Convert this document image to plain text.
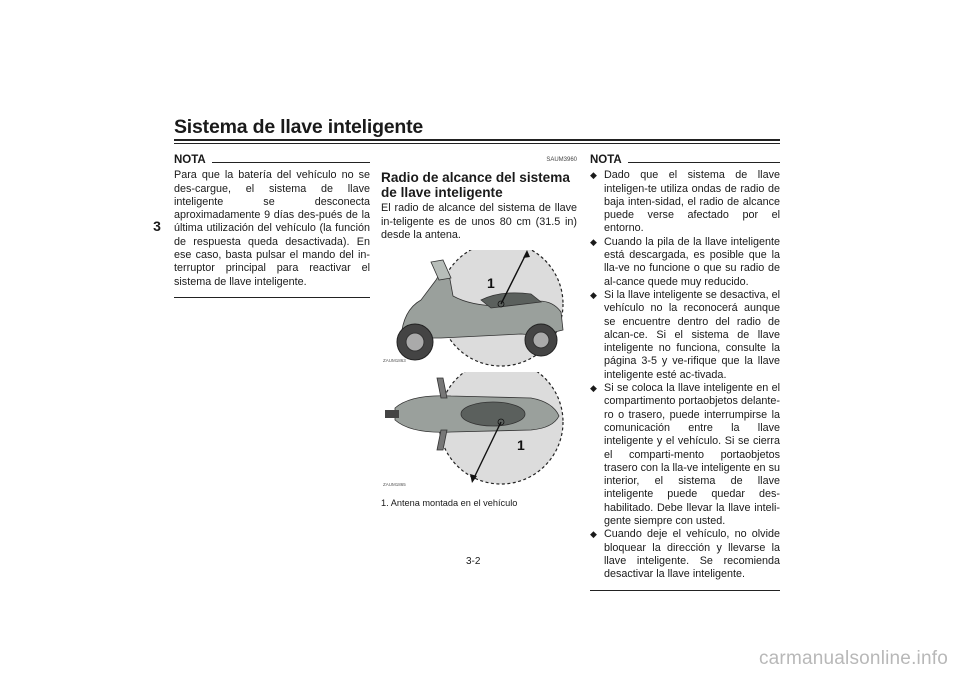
Sistema de llave inteligente
3
NOTA
Para que la batería del vehículo no se des-cargue, el sistema de llave inteligente se desconecta aproximadamente 9 días des-pués de la última utilización del vehículo (la función de respuesta queda desactivada). En ese caso, basta pulsar el mando del in-terruptor principal para reactivar el sistema de llave inteligente.
SAUM3960
Radio de alcance del sistema de llave inteligente
El radio de alcance del sistema de llave in-teligente es de unos 80 cm (31.5 in) desde la antena.
1
ZAUM1863

1
ZAUM1865
1. Antena montada en el vehículo
NOTA
◆ Dado que el sistema de llave inteligen-te utiliza ondas de radio de baja inten-sidad, el radio de alcance puede verse afectado por el entorno.
◆ Cuando la pila de la llave inteligente está descargada, es posible que la lla-ve no funcione o que su radio de al-cance quede muy reducido.
◆ Si la llave inteligente se desactiva, el vehículo no la reconocerá aunque se encuentre dentro del radio de alcan-ce. Si el sistema de llave inteligente no funciona, consulte la página 3-5 y ve-rifique que la llave inteligente esté ac-tivada.
◆ Si se coloca la llave inteligente en el compartimento portaobjetos delante-ro o trasero, puede interrumpirse la comunicación entre la llave inteligente y el vehículo. Si se cierra el comparti-mento portaobjetos trasero con la lla-ve inteligente en su interior, el sistema de llave inteligente puede quedar des-habilitado. Debe llevar la llave inteli-gente siempre con usted.
◆ Cuando deje el vehículo, no olvide bloquear la dirección y llevarse la llave inteligente. Se recomienda desactivar la llave inteligente.
3-2
carmanualsonline.info
